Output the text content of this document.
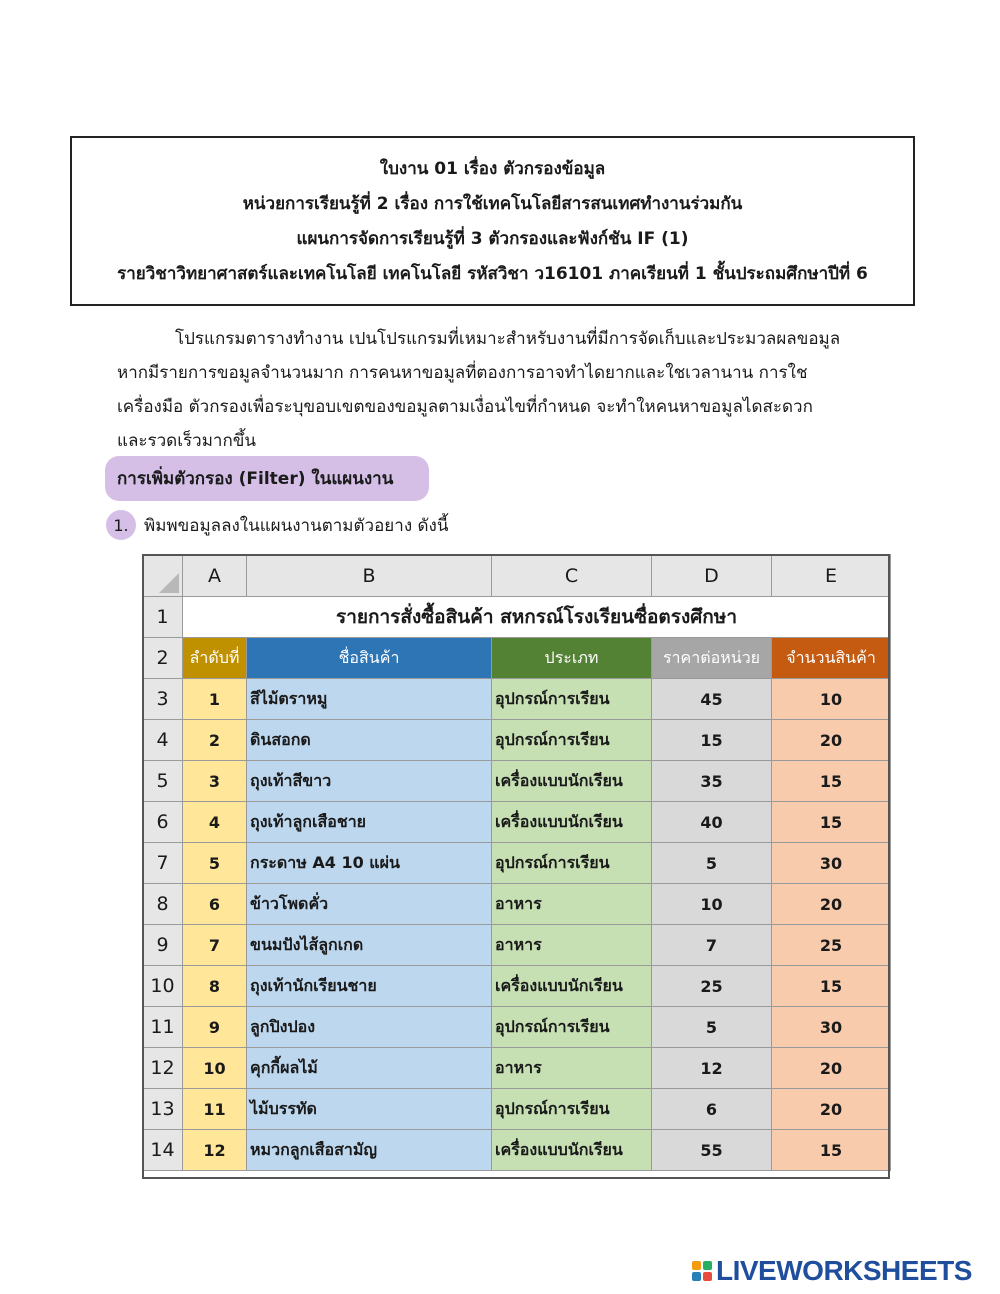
ใบงาน 01 เรื่อง ตัวกรองข้อมูล
หน่วยการเรียนรู้ที่ 2 เรื่อง การใช้เทคโนโลยีสารสนเทศทำงานร่วมกัน
แผนการจัดการเรียนรู้ที่ 3 ตัวกรองและฟังก์ชัน IF (1)
รายวิชาวิทยาศาสตร์และเทคโนโลยี เทคโนโลยี รหัสวิชา ว16101 ภาคเรียนที่ 1 ชั้นประถมศึกษาปีที่ 6
โปรแกรมตารางทำงาน เปนโปรแกรมที่เหมาะสำหรับงานที่มีการจัดเก็บและประมวลผลขอมูล
หากมีรายการขอมูลจำนวนมาก การคนหาขอมูลที่ตองการอาจทำไดยากและใชเวลานาน การใช
เครื่องมือ ตัวกรองเพื่อระบุขอบเขตของขอมูลตามเงื่อนไขที่กำหนด จะทำใหคนหาขอมูลไดสะดวก
และรวดเร็วมากขึ้น
การเพิ่มตัวกรอง (Filter) ในแผนงาน
1. พิมพขอมูลลงในแผนงานตามตัวอยาง ดังนี้
	A	B	C	D	E
1	รายการสั่งซื้อสินค้า สหกรณ์โรงเรียนซื่อตรงศึกษา				
2	ลำดับที่	ชื่อสินค้า	ประเภท	ราคาต่อหน่วย	จำนวนสินค้า
3	1	สีไม้ตราหมู	อุปกรณ์การเรียน	45	10
4	2	ดินสอกด	อุปกรณ์การเรียน	15	20
5	3	ถุงเท้าสีขาว	เครื่องแบบนักเรียน	35	15
6	4	ถุงเท้าลูกเสือชาย	เครื่องแบบนักเรียน	40	15
7	5	กระดาษ A4 10 แผ่น	อุปกรณ์การเรียน	5	30
8	6	ข้าวโพดคั่ว	อาหาร	10	20
9	7	ขนมปังไส้ลูกเกด	อาหาร	7	25
10	8	ถุงเท้านักเรียนชาย	เครื่องแบบนักเรียน	25	15
11	9	ลูกปิงปอง	อุปกรณ์การเรียน	5	30
12	10	คุกกี้ผลไม้	อาหาร	12	20
13	11	ไม้บรรทัด	อุปกรณ์การเรียน	6	20
14	12	หมวกลูกเสือสามัญ	เครื่องแบบนักเรียน	55	15
LIVEWORKSHEETS
